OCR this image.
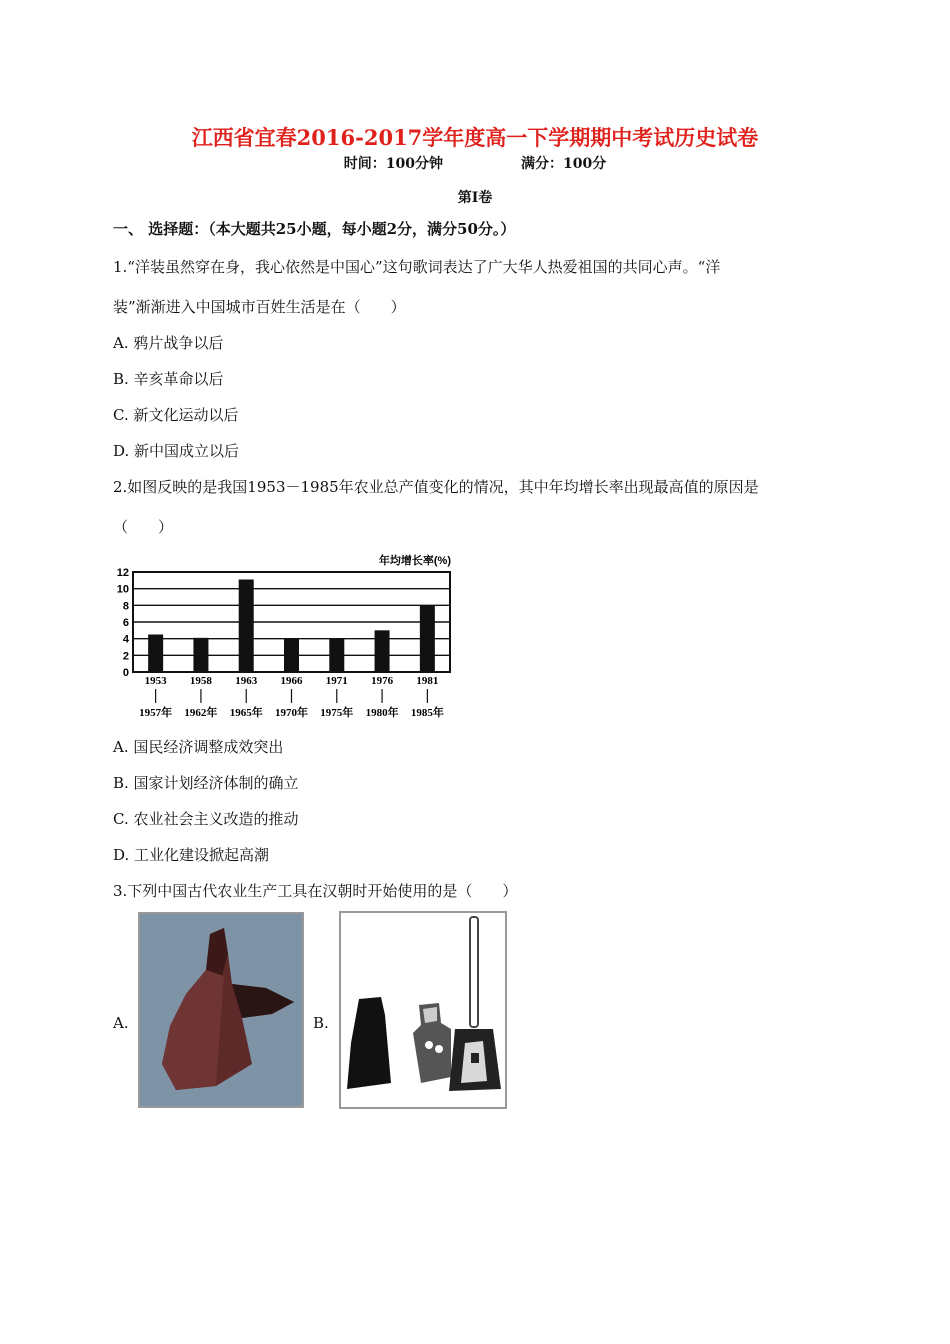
江西省宜春2016-2017学年度高一下学期期中考试历史试卷
时间：100分钟	满分：100分
第Ⅰ卷
一、 选择题：（本大题共25小题，每小题2分，满分50分。）
1.“洋装虽然穿在身，我心依然是中国心”这句歌词表达了广大华人热爱祖国的共同心声。“洋
装”渐渐进入中国城市百姓生活是在（　　）
A. 鸦片战争以后
B. 辛亥革命以后
C. 新文化运动以后
D. 新中国成立以后
2.如图反映的是我国1953－1985年农业总产值变化的情况，其中年均增长率出现最高值的原因是
（　　）
0
2
4
6
8
10
12
1953
1957年
1958
1962年
1963
1965年
1966
1970年
1971
1975年
1976
1980年
1981
1985年
年均增长率(%)
A. 国民经济调整成效突出
B. 国家计划经济体制的确立
C. 农业社会主义改造的推动
D. 工业化建设掀起高潮
3.下列中国古代农业生产工具在汉朝时开始使用的是（　　）
A.	B.
